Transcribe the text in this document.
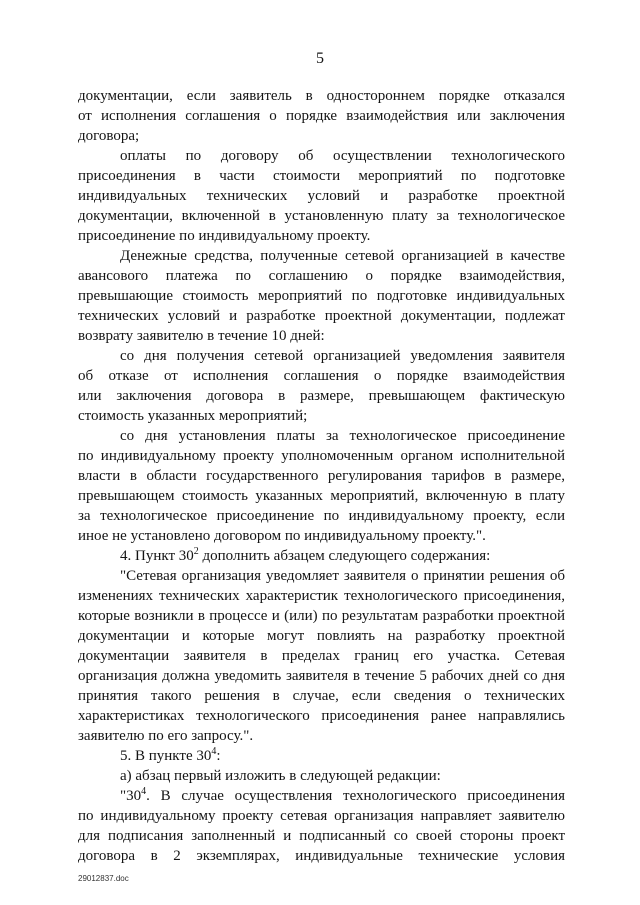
5
документации, если заявитель в одностороннем порядке отказался
от исполнения соглашения о порядке взаимодействия или заключения
договора;
оплаты по договору об осуществлении технологического
присоединения в части стоимости мероприятий по подготовке
индивидуальных технических условий и разработке проектной
документации, включенной в установленную плату за технологическое
присоединение по индивидуальному проекту.
Денежные средства, полученные сетевой организацией в качестве
авансового платежа по соглашению о порядке взаимодействия,
превышающие стоимость мероприятий по подготовке индивидуальных
технических условий и разработке проектной документации, подлежат
возврату заявителю в течение 10 дней:
со дня получения сетевой организацией уведомления заявителя
об отказе от исполнения соглашения о порядке взаимодействия
или заключения договора в размере, превышающем фактическую
стоимость указанных мероприятий;
со дня установления платы за технологическое присоединение
по индивидуальному проекту уполномоченным органом исполнительной
власти в области государственного регулирования тарифов в размере,
превышающем стоимость указанных мероприятий, включенную в плату
за технологическое присоединение по индивидуальному проекту, если
иное не установлено договором по индивидуальному проекту.".
4. Пункт $30^2$ дополнить абзацем следующего содержания:
"Сетевая организация уведомляет заявителя о принятии решения об
изменениях технических характеристик технологического присоединения,
которые возникли в процессе и (или) по результатам разработки проектной
документации и которые могут повлиять на разработку проектной
документации заявителя в пределах границ его участка. Сетевая
организация должна уведомить заявителя в течение 5 рабочих дней со дня
принятия такого решения в случае, если сведения о технических
характеристиках технологического присоединения ранее направлялись
заявителю по его запросу.".
5. В пункте $30^4$:
а) абзац первый изложить в следующей редакции:
"$30^4$. В случае осуществления технологического присоединения
по индивидуальному проекту сетевая организация направляет заявителю
для подписания заполненный и подписанный со своей стороны проект
договора в 2 экземплярах, индивидуальные технические условия
29012837.doc
